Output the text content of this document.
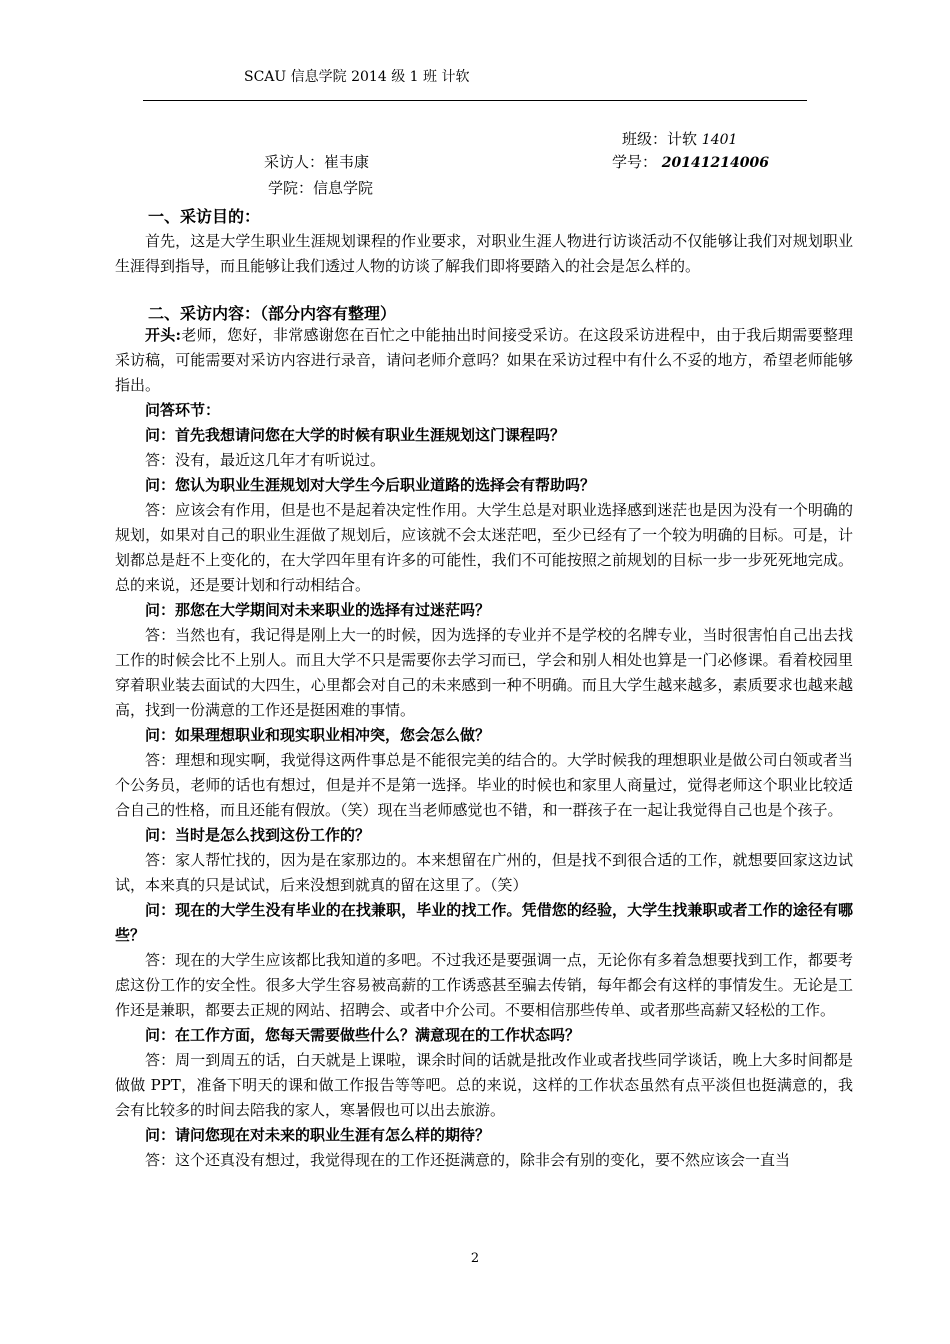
SCAU 信息学院 2014 级 1 班 计软
班级：计软 1401
采访人：崔韦康	学号： 20141214006
学院：信息学院
一、采访目的：

首先，这是大学生职业生涯规划课程的作业要求，对职业生涯人物进行访谈活动不仅能够让我们对规划职业生涯得到指导，而且能够让我们透过人物的访谈了解我们即将要踏入的社会是怎么样的。

二、采访内容：（部分内容有整理）

开头:老师，您好，非常感谢您在百忙之中能抽出时间接受采访。在这段采访进程中，由于我后期需要整理采访稿，可能需要对采访内容进行录音，请问老师介意吗？如果在采访过程中有什么不妥的地方，希望老师能够指出。

问答环节：

问：首先我想请问您在大学的时候有职业生涯规划这门课程吗？

答：没有，最近这几年才有听说过。

问：您认为职业生涯规划对大学生今后职业道路的选择会有帮助吗？

答：应该会有作用，但是也不是起着决定性作用。大学生总是对职业选择感到迷茫也是因为没有一个明确的规划，如果对自己的职业生涯做了规划后，应该就不会太迷茫吧，至少已经有了一个较为明确的目标。可是，计划都总是赶不上变化的，在大学四年里有许多的可能性，我们不可能按照之前规划的目标一步一步死死地完成。总的来说，还是要计划和行动相结合。

问：那您在大学期间对未来职业的选择有过迷茫吗？

答：当然也有，我记得是刚上大一的时候，因为选择的专业并不是学校的名牌专业，当时很害怕自己出去找工作的时候会比不上别人。而且大学不只是需要你去学习而已，学会和别人相处也算是一门必修课。看着校园里穿着职业装去面试的大四生，心里都会对自己的未来感到一种不明确。而且大学生越来越多，素质要求也越来越高，找到一份满意的工作还是挺困难的事情。

问：如果理想职业和现实职业相冲突，您会怎么做？

答：理想和现实啊，我觉得这两件事总是不能很完美的结合的。大学时候我的理想职业是做公司白领或者当个公务员，老师的话也有想过，但是并不是第一选择。毕业的时候也和家里人商量过，觉得老师这个职业比较适合自己的性格，而且还能有假放。（笑）现在当老师感觉也不错，和一群孩子在一起让我觉得自己也是个孩子。

问：当时是怎么找到这份工作的？

答：家人帮忙找的，因为是在家那边的。本来想留在广州的，但是找不到很合适的工作，就想要回家这边试试，本来真的只是试试，后来没想到就真的留在这里了。（笑）

问：现在的大学生没有毕业的在找兼职，毕业的找工作。凭借您的经验，大学生找兼职或者工作的途径有哪些？

答：现在的大学生应该都比我知道的多吧。不过我还是要强调一点，无论你有多着急想要找到工作，都要考虑这份工作的安全性。很多大学生容易被高薪的工作诱惑甚至骗去传销，每年都会有这样的事情发生。无论是工作还是兼职，都要去正规的网站、招聘会、或者中介公司。不要相信那些传单、或者那些高薪又轻松的工作。

问：在工作方面，您每天需要做些什么？满意现在的工作状态吗？

答：周一到周五的话，白天就是上课啦，课余时间的话就是批改作业或者找些同学谈话，晚上大多时间都是做做 PPT，准备下明天的课和做工作报告等等吧。总的来说，这样的工作状态虽然有点平淡但也挺满意的，我会有比较多的时间去陪我的家人，寒暑假也可以出去旅游。

问：请问您现在对未来的职业生涯有怎么样的期待？

答：这个还真没有想过，我觉得现在的工作还挺满意的，除非会有别的变化，要不然应该会一直当

2
